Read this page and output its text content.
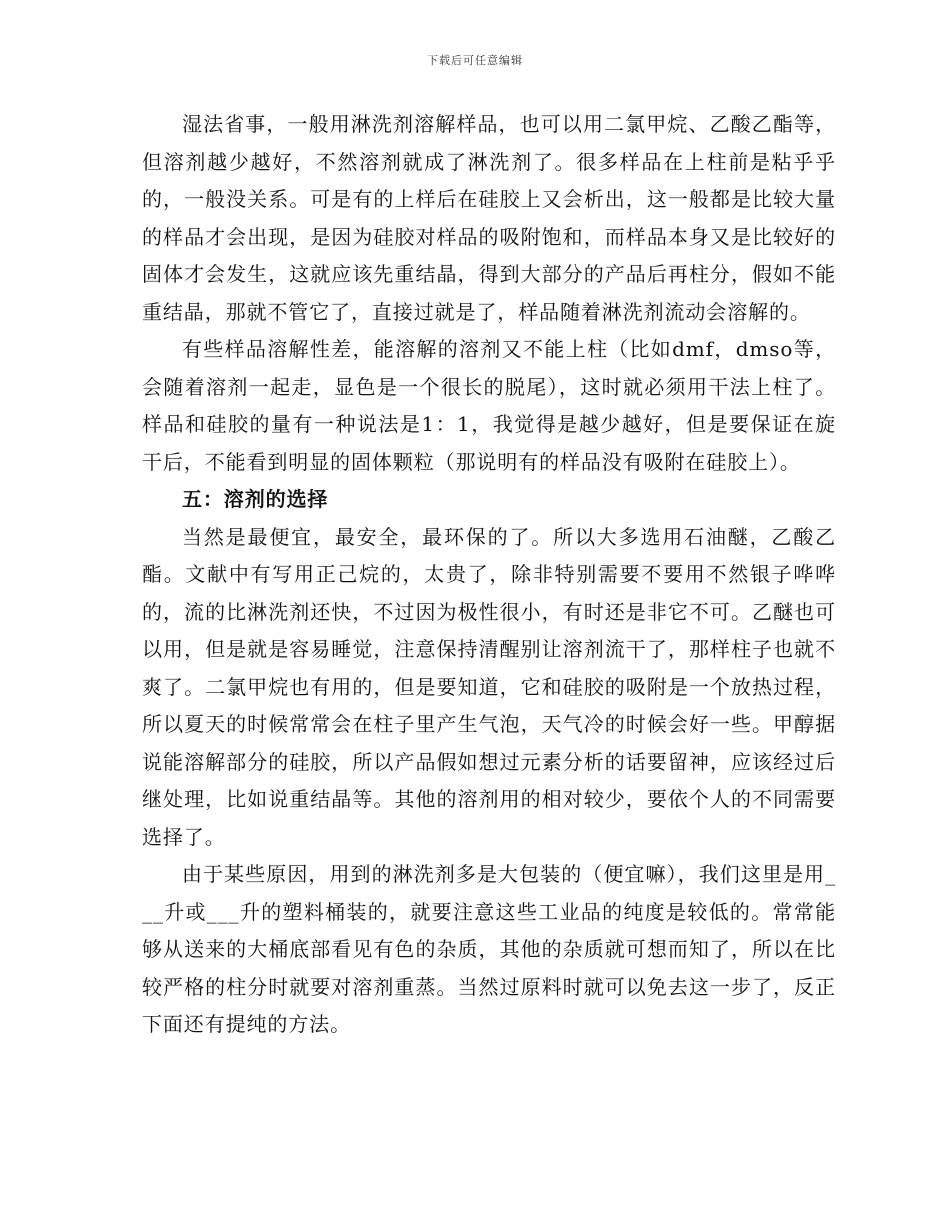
下载后可任意编辑

湿法省事，一般用淋洗剂溶解样品，也可以用二氯甲烷、乙酸乙酯等，但溶剂越少越好，不然溶剂就成了淋洗剂了。很多样品在上柱前是粘乎乎的，一般没关系。可是有的上样后在硅胶上又会析出，这一般都是比较大量的样品才会出现，是因为硅胶对样品的吸附饱和，而样品本身又是比较好的固体才会发生，这就应该先重结晶，得到大部分的产品后再柱分，假如不能重结晶，那就不管它了，直接过就是了，样品随着淋洗剂流动会溶解的。

有些样品溶解性差，能溶解的溶剂又不能上柱（比如dmf，dmso等，会随着溶剂一起走，显色是一个很长的脱尾），这时就必须用干法上柱了。样品和硅胶的量有一种说法是1：1，我觉得是越少越好，但是要保证在旋干后，不能看到明显的固体颗粒（那说明有的样品没有吸附在硅胶上）。

五：溶剂的选择

当然是最便宜，最安全，最环保的了。所以大多选用石油醚，乙酸乙酯。文献中有写用正己烷的，太贵了，除非特别需要不要用不然银子哗哗的，流的比淋洗剂还快，不过因为极性很小，有时还是非它不可。乙醚也可以用，但是就是容易睡觉，注意保持清醒别让溶剂流干了，那样柱子也就不爽了。二氯甲烷也有用的，但是要知道，它和硅胶的吸附是一个放热过程，所以夏天的时候常常会在柱子里产生气泡，天气冷的时候会好一些。甲醇据说能溶解部分的硅胶，所以产品假如想过元素分析的话要留神，应该经过后继处理，比如说重结晶等。其他的溶剂用的相对较少，要依个人的不同需要选择了。

由于某些原因，用到的淋洗剂多是大包装的（便宜嘛），我们这里是用___升或___升的塑料桶装的，就要注意这些工业品的纯度是较低的。常常能够从送来的大桶底部看见有色的杂质，其他的杂质就可想而知了，所以在比较严格的柱分时就要对溶剂重蒸。当然过原料时就可以免去这一步了，反正下面还有提纯的方法。
